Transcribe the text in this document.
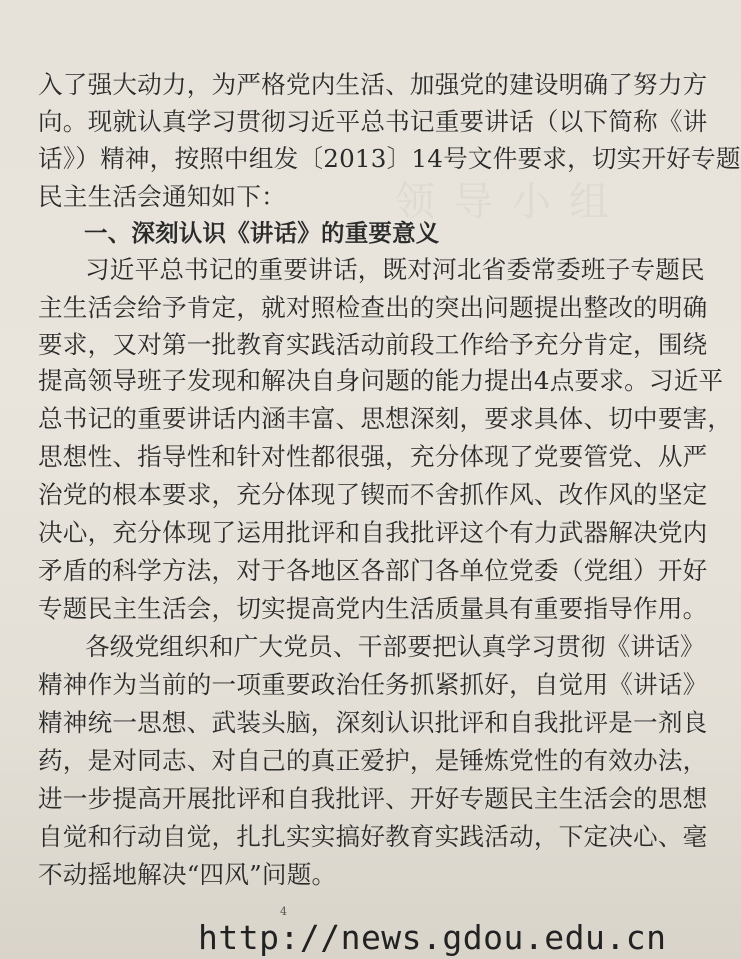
入了强大动力，为严格党内生活、加强党的建设明确了努力方
向。现就认真学习贯彻习近平总书记重要讲话（以下简称《讲
话》）精神，按照中组发〔2013〕14号文件要求，切实开好专题
民主生活会通知如下：
一、深刻认识《讲话》的重要意义
习近平总书记的重要讲话，既对河北省委常委班子专题民
主生活会给予肯定，就对照检查出的突出问题提出整改的明确
要求，又对第一批教育实践活动前段工作给予充分肯定，围绕
提高领导班子发现和解决自身问题的能力提出4点要求。习近平
总书记的重要讲话内涵丰富、思想深刻，要求具体、切中要害，
思想性、指导性和针对性都很强，充分体现了党要管党、从严
治党的根本要求，充分体现了锲而不舍抓作风、改作风的坚定
决心，充分体现了运用批评和自我批评这个有力武器解决党内
矛盾的科学方法，对于各地区各部门各单位党委（党组）开好
专题民主生活会，切实提高党内生活质量具有重要指导作用。
各级党组织和广大党员、干部要把认真学习贯彻《讲话》
精神作为当前的一项重要政治任务抓紧抓好，自觉用《讲话》
精神统一思想、武装头脑，深刻认识批评和自我批评是一剂良
药，是对同志、对自己的真正爱护，是锤炼党性的有效办法，
进一步提高开展批评和自我批评、开好专题民主生活会的思想
自觉和行动自觉，扎扎实实搞好教育实践活动，下定决心、毫
不动摇地解决“四风”问题。
4
http://news.gdou.edu.cn
